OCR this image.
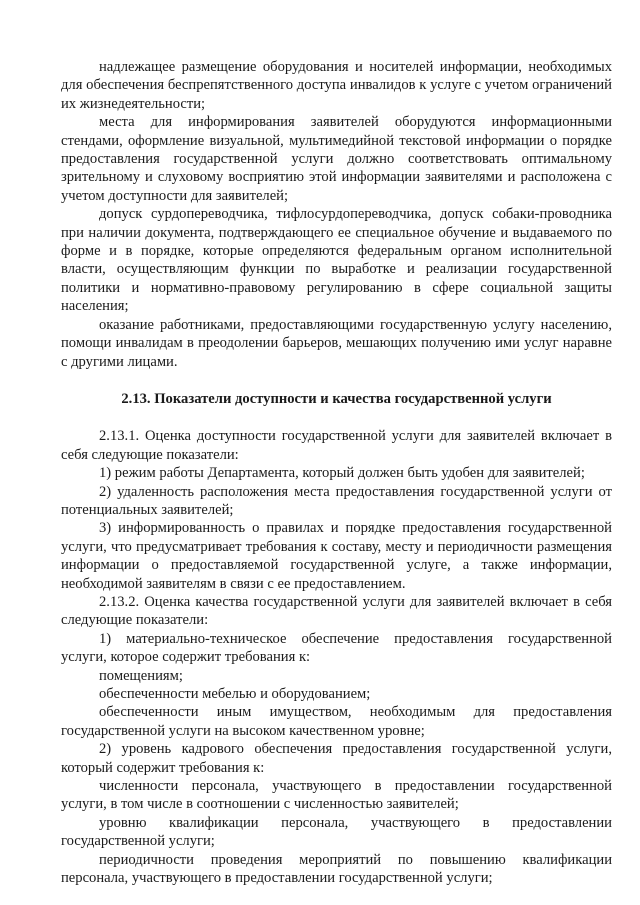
надлежащее размещение оборудования и носителей информации, необходимых для обеспечения беспрепятственного доступа инвалидов к услуге с учетом ограничений их жизнедеятельности;

места для информирования заявителей оборудуются информационными стендами, оформление визуальной, мультимедийной текстовой информации о порядке предоставления государственной услуги должно соответствовать оптимальному зрительному и слуховому восприятию этой информации заявителями и расположена с учетом доступности для заявителей;

допуск сурдопереводчика, тифлосурдопереводчика, допуск собаки-проводника при наличии документа, подтверждающего ее специальное обучение и выдаваемого по форме и в порядке, которые определяются федеральным органом исполнительной власти, осуществляющим функции по выработке и реализации государственной политики и нормативно-правовому регулированию в сфере социальной защиты населения;

оказание работниками, предоставляющими государственную услугу населению, помощи инвалидам в преодолении барьеров, мешающих получению ими услуг наравне с другими лицами.

2.13. Показатели доступности и качества государственной услуги

2.13.1. Оценка доступности государственной услуги для заявителей включает в себя следующие показатели:

1) режим работы Департамента, который должен быть удобен для заявителей;

2) удаленность расположения места предоставления государственной услуги от потенциальных заявителей;

3) информированность о правилах и порядке предоставления государственной услуги, что предусматривает требования к составу, месту и периодичности размещения информации о предоставляемой государственной услуге, а также информации, необходимой заявителям в связи с ее предоставлением.

2.13.2. Оценка качества государственной услуги для заявителей включает в себя следующие показатели:

1) материально-техническое обеспечение предоставления государственной услуги, которое содержит требования к:

помещениям;

обеспеченности мебелью и оборудованием;

обеспеченности иным имуществом, необходимым для предоставления государственной услуги на высоком качественном уровне;

2) уровень кадрового обеспечения предоставления государственной услуги, который содержит требования к:

численности персонала, участвующего в предоставлении государственной услуги, в том числе в соотношении с численностью заявителей;

уровню квалификации персонала, участвующего в предоставлении государственной услуги;

периодичности проведения мероприятий по повышению квалификации персонала, участвующего в предоставлении государственной услуги;
